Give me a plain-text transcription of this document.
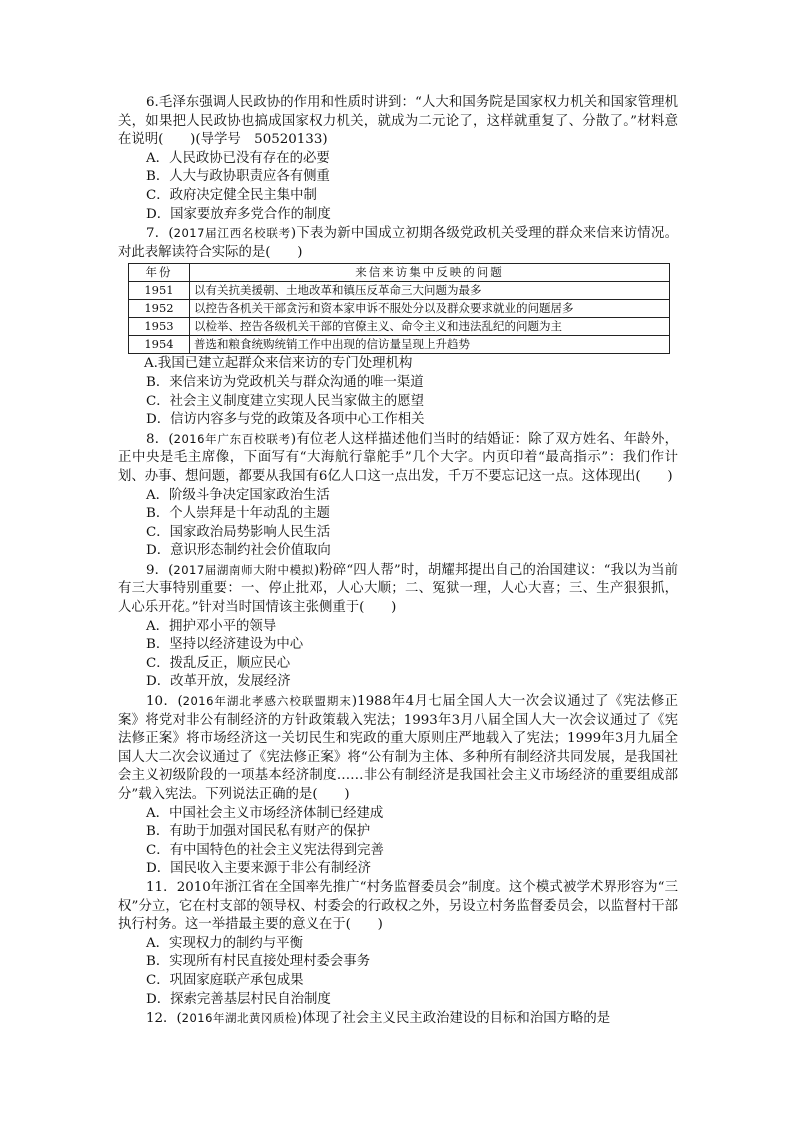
6.毛泽东强调人民政协的作用和性质时讲到：“人大和国务院是国家权力机关和国家管理机关，如果把人民政协也搞成国家权力机关，就成为二元论了，这样就重复了、分散了。”材料意在说明(　　)(导学号　50520133)

A．人民政协已没有存在的必要

B．人大与政协职责应各有侧重

C．政府决定健全民主集中制

D．国家要放弃多党合作的制度

7．(2017届江西名校联考)下表为新中国成立初期各级党政机关受理的群众来信来访情况。对此表解读符合实际的是(　　)

年份	来信来访集中反映的问题
1951	以有关抗美援朝、土地改革和镇压反革命三大问题为最多
1952	以控告各机关干部贪污和资本家申诉不服处分以及群众要求就业的问题居多
1953	以检举、控告各级机关干部的官僚主义、命令主义和违法乱纪的问题为主
1954	普选和粮食统购统销工作中出现的信访量呈现上升趋势

A.我国已建立起群众来信来访的专门处理机构

B．来信来访为党政机关与群众沟通的唯一渠道

C．社会主义制度建立实现人民当家做主的愿望

D．信访内容多与党的政策及各项中心工作相关

8．(2016年广东百校联考)有位老人这样描述他们当时的结婚证：除了双方姓名、年龄外，正中央是毛主席像，下面写有“大海航行靠舵手”几个大字。内页印着“最高指示”：我们作计划、办事、想问题，都要从我国有6亿人口这一点出发，千万不要忘记这一点。这体现出(　　)

A．阶级斗争决定国家政治生活

B．个人崇拜是十年动乱的主题

C．国家政治局势影响人民生活

D．意识形态制约社会价值取向

9．(2017届湖南师大附中模拟)粉碎“四人帮”时，胡耀邦提出自己的治国建议：“我以为当前有三大事特别重要：一、停止批邓，人心大顺；二、冤狱一理，人心大喜；三、生产狠狠抓，人心乐开花。”针对当时国情该主张侧重于(　　)

A．拥护邓小平的领导

B．坚持以经济建设为中心

C．拨乱反正，顺应民心

D．改革开放，发展经济

10．(2016年湖北孝感六校联盟期末)1988年4月七届全国人大一次会议通过了《宪法修正案》将党对非公有制经济的方针政策载入宪法；1993年3月八届全国人大一次会议通过了《宪法修正案》将市场经济这一关切民生和宪政的重大原则庄严地载入了宪法；1999年3月九届全国人大二次会议通过了《宪法修正案》将“公有制为主体、多种所有制经济共同发展，是我国社会主义初级阶段的一项基本经济制度……非公有制经济是我国社会主义市场经济的重要组成部分”载入宪法。下列说法正确的是(　　)

A．中国社会主义市场经济体制已经建成

B．有助于加强对国民私有财产的保护

C．有中国特色的社会主义宪法得到完善

D．国民收入主要来源于非公有制经济

11．2010年浙江省在全国率先推广“村务监督委员会”制度。这个模式被学术界形容为“三权”分立，它在村支部的领导权、村委会的行政权之外，另设立村务监督委员会，以监督村干部执行村务。这一举措最主要的意义在于(　　)

A．实现权力的制约与平衡

B．实现所有村民直接处理村委会事务

C．巩固家庭联产承包成果

D．探索完善基层村民自治制度

12．(2016年湖北黄冈质检)体现了社会主义民主政治建设的目标和治国方略的是
